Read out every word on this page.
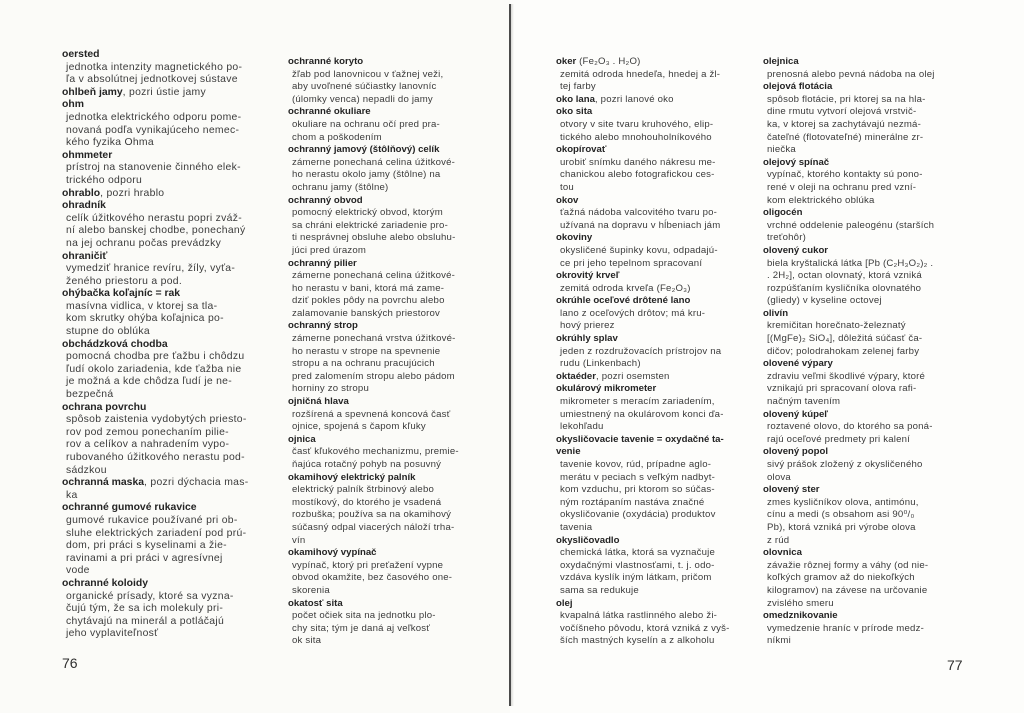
oersted
jednotka intenzity magnetického po-
ľa v absolútnej jednotkovej sústave
ohlbeň jamy, pozri ústie jamy
ohm
jednotka elektrického odporu pome-
novaná podľa vynikajúceho nemec-
kého fyzika Ohma
ohmmeter
prístroj na stanovenie činného elek-
trického odporu
ohrablo, pozri hrablo
ohradník
celík úžitkového nerastu popri zváž-
ní alebo banskej chodbe, ponechaný
na jej ochranu počas prevádzky
ohraničiť
vymedziť hranice revíru, žíly, vyťa-
ženého priestoru a pod.
ohýbačka koľajníc = rak
masívna vidlica, v ktorej sa tla-
kom skrutky ohýba koľajnica po-
stupne do oblúka
obchádzková chodba
pomocná chodba pre ťažbu i chôdzu
ľudí okolo zariadenia, kde ťažba nie
je možná a kde chôdza ľudí je ne-
bezpečná
ochrana povrchu
spôsob zaistenia vydobytých priesto-
rov pod zemou ponechaním pilie-
rov a celíkov a nahradením vypo-
rubovaného úžitkového nerastu pod-
sádzkou
ochranná maska, pozri dýchacia mas-
ka
ochranné gumové rukavice
gumové rukavice používané pri ob-
sluhe elektrických zariadení pod prú-
dom, pri práci s kyselinami a žie-
ravinami a pri práci v agresívnej
vode
ochranné koloidy
organické prísady, ktoré sa vyzna-
čujú tým, že sa ich molekuly pri-
chytávajú na minerál a potláčajú
jeho vyplaviteľnosť
ochranné koryto
žľab pod lanovnicou v ťažnej veži,
aby uvoľnené súčiastky lanovníc
(úlomky venca) nepadli do jamy
ochranné okuliare
okuliare na ochranu očí pred pra-
chom a poškodením
ochranný jamový (štôlňový) celík
zámerne ponechaná celina úžitkové-
ho nerastu okolo jamy (štôlne) na
ochranu jamy (štôlne)
ochranný obvod
pomocný elektrický obvod, ktorým
sa chráni elektrické zariadenie pro-
ti nesprávnej obsluhe alebo obsluhu-
júci pred úrazom
ochranný pilier
zámerne ponechaná celina úžitkové-
ho nerastu v bani, ktorá má zame-
dziť pokles pôdy na povrchu alebo
zalamovanie banských priestorov
ochranný strop
zámerne ponechaná vrstva úžitkové-
ho nerastu v strope na spevnenie
stropu a na ochranu pracujúcich
pred zalomením stropu alebo pádom
horniny zo stropu
ojničná hlava
rozšírená a spevnená koncová časť
ojnice, spojená s čapom kľuky
ojnica
časť kľukového mechanizmu, premie-
ňajúca rotačný pohyb na posuvný
okamihový elektrický palník
elektrický palník štrbinový alebo
mostíkový, do ktorého je vsadená
rozbuška; používa sa na okamihový
súčasný odpal viacerých náloží trha-
vín
okamihový vypínač
vypínač, ktorý pri preťažení vypne
obvod okamžite, bez časového one-
skorenia
okatosť sita
počet očiek sita na jednotku plo-
chy sita; tým je daná aj veľkosť
ok sita
76
oker (Fe₂O₃ . H₂O)
zemitá odroda hnedeľa, hnedej a žl-
tej farby
oko lana, pozri lanové oko
oko sita
otvory v site tvaru kruhového, elip-
tického alebo mnohouholníkového
okopírovať
urobiť snímku daného nákresu me-
chanickou alebo fotografickou ces-
tou
okov
ťažná nádoba valcovitého tvaru po-
užívaná na dopravu v hĺbeniach jám
okoviny
okysličené šupinky kovu, odpadajú-
ce pri jeho tepelnom spracovaní
okrovitý krveľ
zemitá odroda krveľa (Fe₂O₃)
okrúhle oceľové drôtené lano
lano z oceľových drôtov; má kru-
hový prierez
okrúhly splav
jeden z rozdružovacích prístrojov na
rudu (Linkenbach)
oktaéder, pozri osemsten
okulárový mikrometer
mikrometer s meracím zariadením,
umiestnený na okulárovom konci ďa-
lekohľadu
okysličovacie tavenie = oxydačné ta-
venie
tavenie kovov, rúd, prípadne aglo-
merátu v peciach s veľkým nadbyt-
kom vzduchu, pri ktorom so súčas-
ným roztápaním nastáva značné
okysličovanie (oxydácia) produktov
tavenia
okysličovadlo
chemická látka, ktorá sa vyznačuje
oxydačnými vlastnosťami, t. j. odo-
vzdáva kyslík iným látkam, pričom
sama sa redukuje
olej
kvapalná látka rastlinného alebo ži-
vočíšneho pôvodu, ktorá vzniká z vyš-
ších mastných kyselín a z alkoholu
olejnica
prenosná alebo pevná nádoba na olej
olejová flotácia
spôsob flotácie, pri ktorej sa na hla-
dine rmutu vytvorí olejová vrstvič-
ka, v ktorej sa zachytávajú nezmá-
čateľné (flotovateľné) minerálne zr-
niečka
olejový spínač
vypínač, ktorého kontakty sú pono-
rené v oleji na ochranu pred vzní-
kom elektrického oblúka
oligocén
vrchné oddelenie paleogénu (starších
treťohôr)
olovený cukor
biela kryštalická látka [Pb (C₂H₃O₂)₂ .
. 2H₂], octan olovnatý, ktorá vzniká
rozpúšťaním kysličníka olovnatého
(gliedy) v kyseline octovej
olivín
kremičitan horečnato-železnatý
[(MgFe)₂ SiO₄], dôležitá súčasť ča-
dičov; polodrahokam zelenej farby
olovené výpary
zdraviu veľmi škodlivé výpary, ktoré
vznikajú pri spracovaní olova rafi-
načným tavením
olovený kúpeľ
roztavené olovo, do ktorého sa poná-
rajú oceľové predmety pri kalení
olovený popol
sivý prášok zložený z okysličeného
olova
olovený ster
zmes kysličníkov olova, antimónu,
cínu a medi (s obsahom asi 90⁰/₀
Pb), ktorá vzniká pri výrobe olova
z rúd
olovnica
závažie rôznej formy a váhy (od nie-
koľkých gramov až do niekoľkých
kilogramov) na závese na určovanie
zvislého smeru
omedznikovanie
vymedzenie hraníc v prírode medz-
níkmi
77
